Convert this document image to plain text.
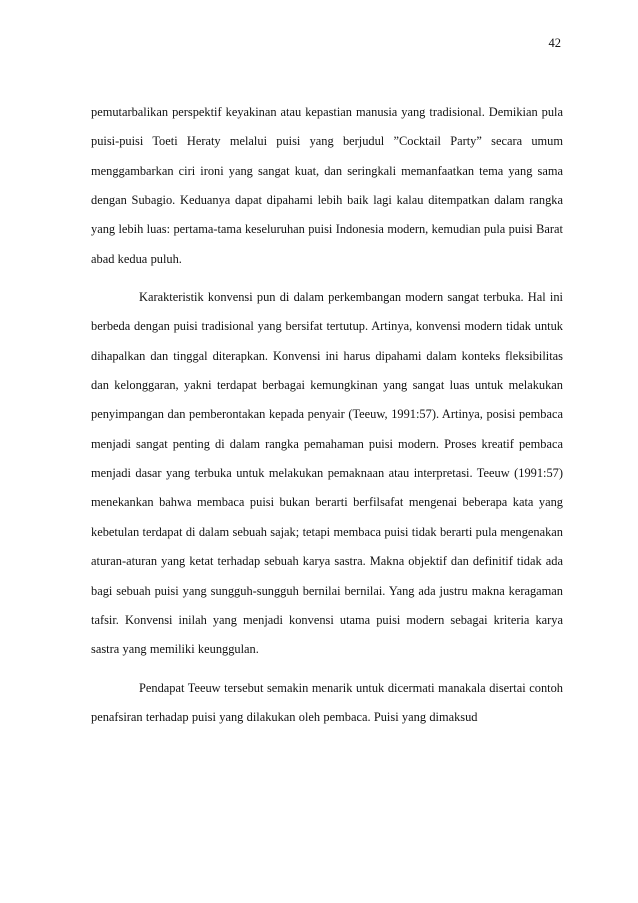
42

pemutarbalikan perspektif keyakinan atau kepastian manusia yang tradisional. Demikian pula puisi-puisi Toeti Heraty melalui puisi yang berjudul ”Cocktail Party” secara umum menggambarkan ciri ironi yang sangat kuat, dan seringkali memanfaatkan tema yang sama dengan Subagio. Keduanya dapat dipahami lebih baik lagi kalau ditempatkan dalam rangka yang lebih luas: pertama-tama keseluruhan puisi Indonesia modern, kemudian pula puisi Barat abad kedua puluh.

Karakteristik konvensi pun di dalam perkembangan modern sangat terbuka. Hal ini berbeda dengan puisi tradisional yang bersifat tertutup. Artinya, konvensi modern tidak untuk dihapalkan dan tinggal diterapkan. Konvensi ini harus dipahami dalam konteks fleksibilitas dan kelonggaran, yakni terdapat berbagai kemungkinan yang sangat luas untuk melakukan penyimpangan dan pemberontakan kepada penyair (Teeuw, 1991:57). Artinya, posisi pembaca menjadi sangat penting di dalam rangka pemahaman puisi modern. Proses kreatif pembaca menjadi dasar yang terbuka untuk melakukan pemaknaan atau interpretasi. Teeuw (1991:57) menekankan bahwa membaca puisi bukan berarti berfilsafat mengenai beberapa kata yang kebetulan terdapat di dalam sebuah sajak; tetapi membaca puisi tidak berarti pula mengenakan aturan-aturan yang ketat terhadap sebuah karya sastra. Makna objektif dan definitif tidak ada bagi sebuah puisi yang sungguh-sungguh bernilai bernilai. Yang ada justru makna keragaman tafsir. Konvensi inilah yang menjadi konvensi utama puisi modern sebagai kriteria karya sastra yang memiliki keunggulan.

Pendapat Teeuw tersebut semakin menarik untuk dicermati manakala disertai contoh penafsiran terhadap puisi yang dilakukan oleh pembaca. Puisi yang dimaksud
